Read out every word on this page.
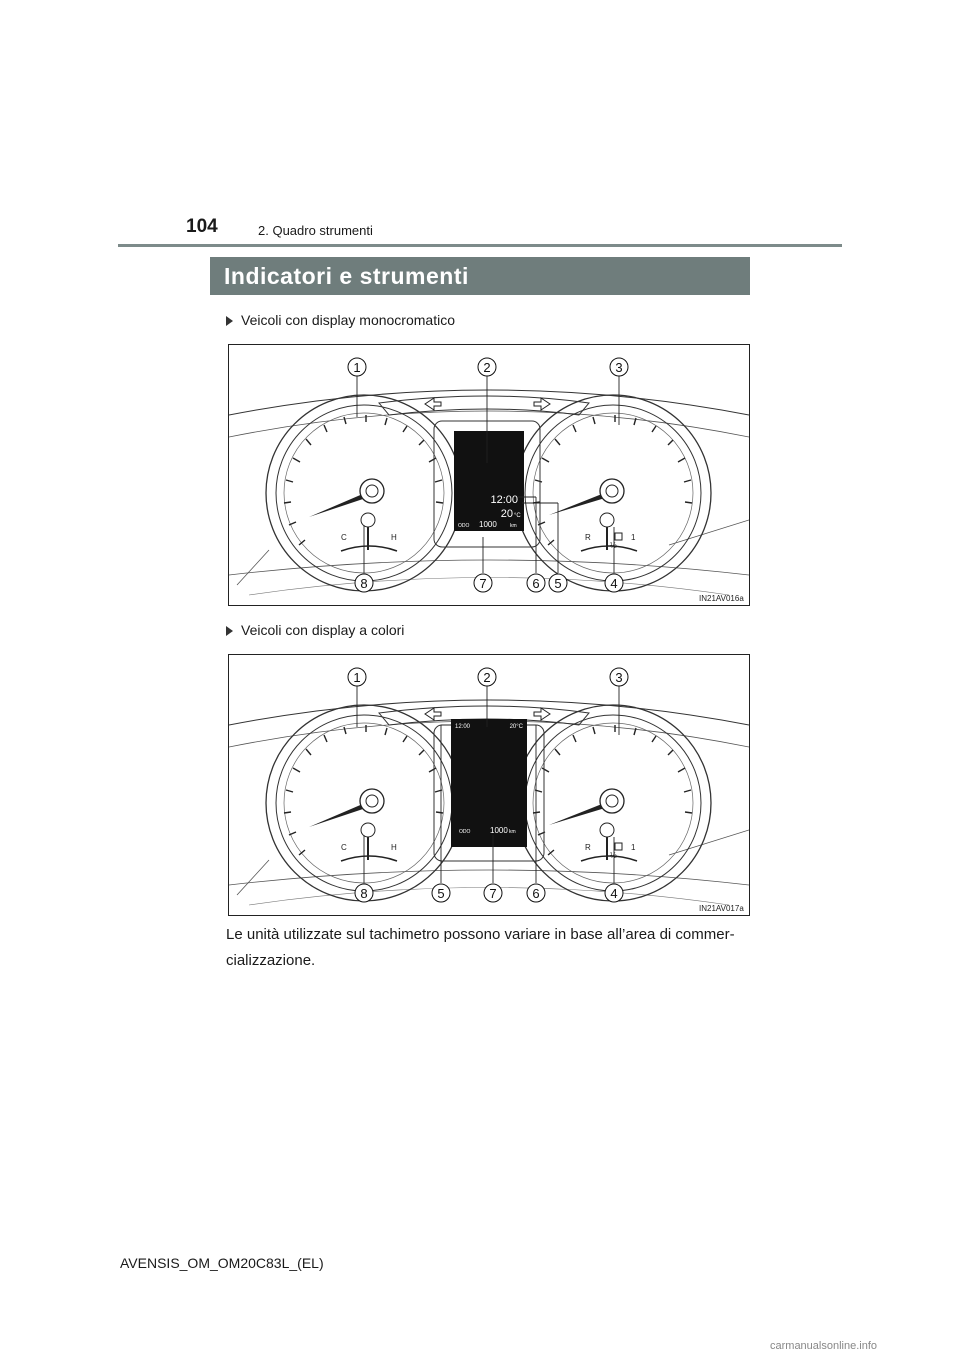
104	2. Quadro strumenti
Indicatori e strumenti
Veicoli con display monocromatico
C	H	R	1
½
12:00
20 °C
ODO 1000	km
1	2	3
8	7	6 5	4
IN21AV016a
Veicoli con display a colori
C	H	R	1
½
12:00	20°C
ODO 1000 km
1	2	3
8	5	7	6	4
IN21AV017a
Le unità utilizzate sul tachimetro possono variare in base all’area di commer-cializzazione.
AVENSIS_OM_OM20C83L_(EL)
carmanualsonline.info
